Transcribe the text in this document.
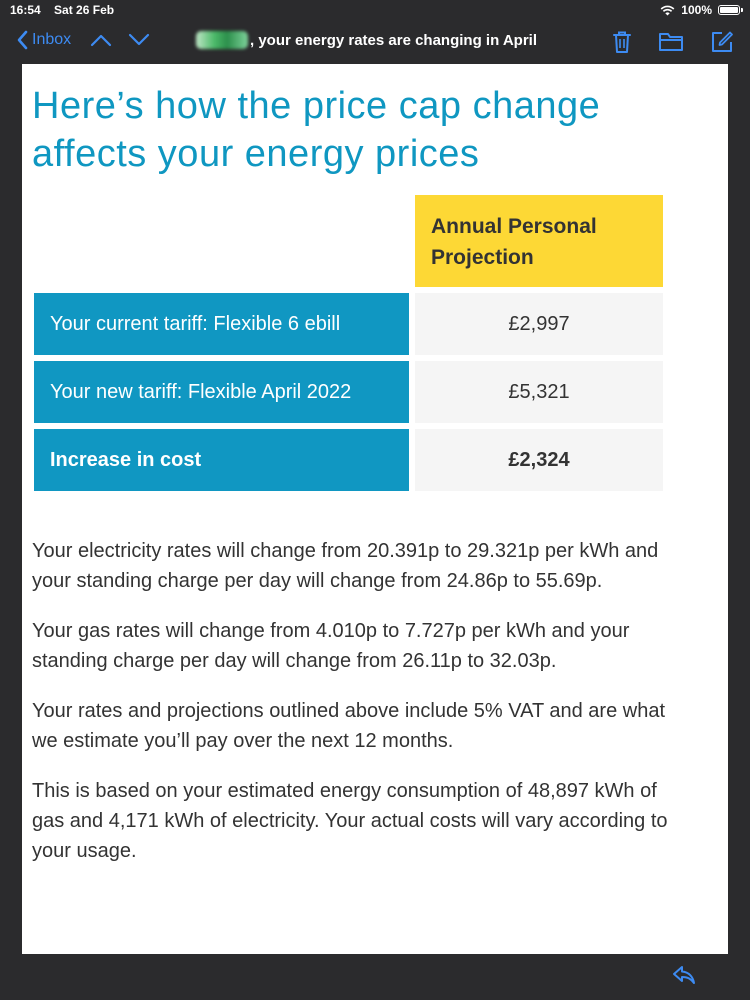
16:54 Sat 26 Feb	100%
Inbox	, your energy rates are changing in April
Here’s how the price cap change affects your energy prices
Annual Personal Projection
Your current tariff: Flexible 6 ebill	£2,997
Your new tariff: Flexible April 2022	£5,321
Increase in cost	£2,324

Your electricity rates will change from 20.391p to 29.321p per kWh and your standing charge per day will change from 24.86p to 55.69p.

Your gas rates will change from 4.010p to 7.727p per kWh and your standing charge per day will change from 26.11p to 32.03p.

Your rates and projections outlined above include 5% VAT and are what we estimate you’ll pay over the next 12 months.

This is based on your estimated energy consumption of 48,897 kWh of gas and 4,171 kWh of electricity. Your actual costs will vary according to your usage.
